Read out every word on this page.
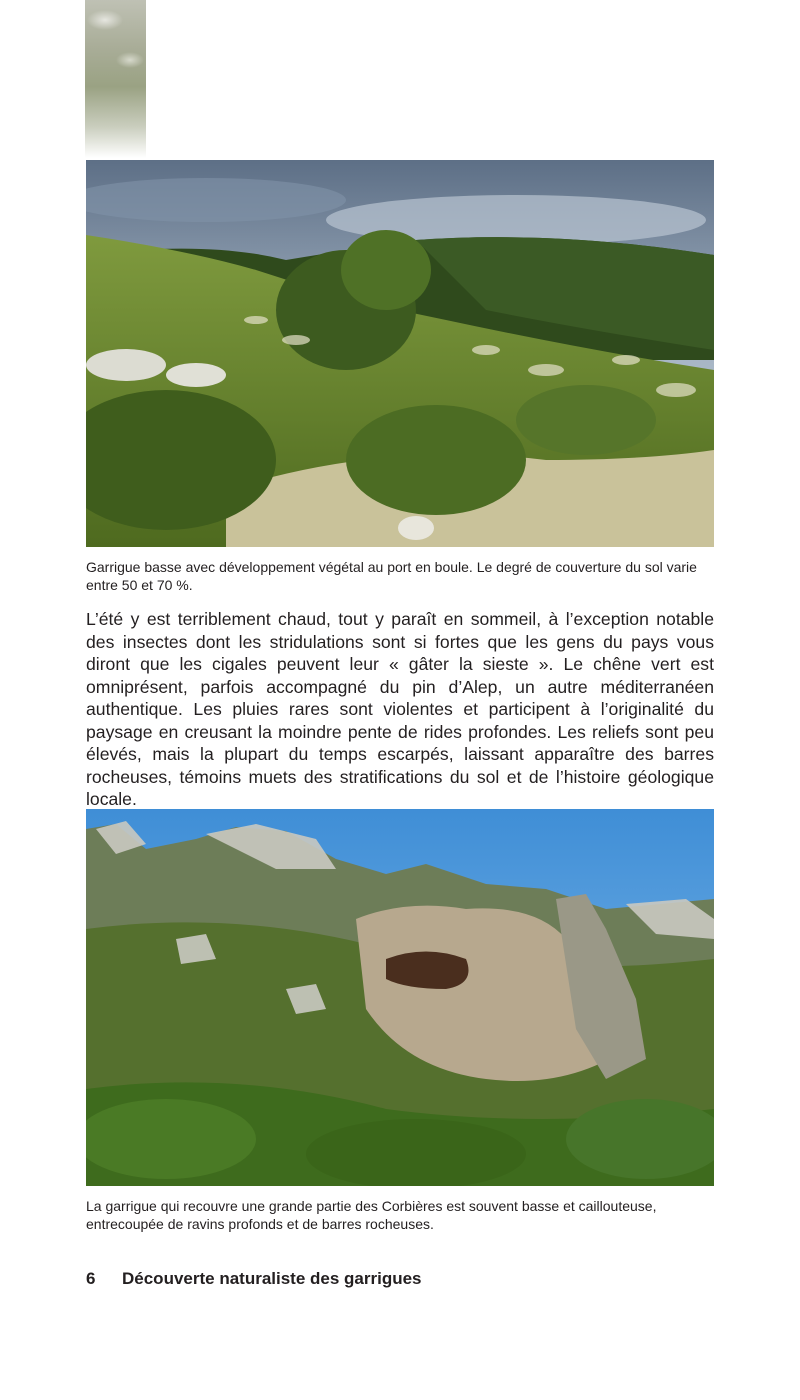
Garrigue basse avec développement végétal au port en boule. Le degré de couverture du sol varie entre 50 et 70 %.
L’été y est terriblement chaud, tout y paraît en sommeil, à l’exception notable des insectes dont les stridulations sont si fortes que les gens du pays vous diront que les cigales peuvent leur « gâter la sieste ». Le chêne vert est omniprésent, parfois accompagné du pin d’Alep, un autre méditerranéen authentique. Les pluies rares sont violentes et participent à l’originalité du paysage en creusant la moindre pente de rides profondes. Les reliefs sont peu élevés, mais la plupart du temps escarpés, laissant apparaître des barres rocheuses, témoins muets des stratifications du sol et de l’histoire géologique locale.
La garrigue qui recouvre une grande partie des Corbières est souvent basse et caillouteuse, entrecoupée de ravins profonds et de barres rocheuses.
6 Découverte naturaliste des garrigues
